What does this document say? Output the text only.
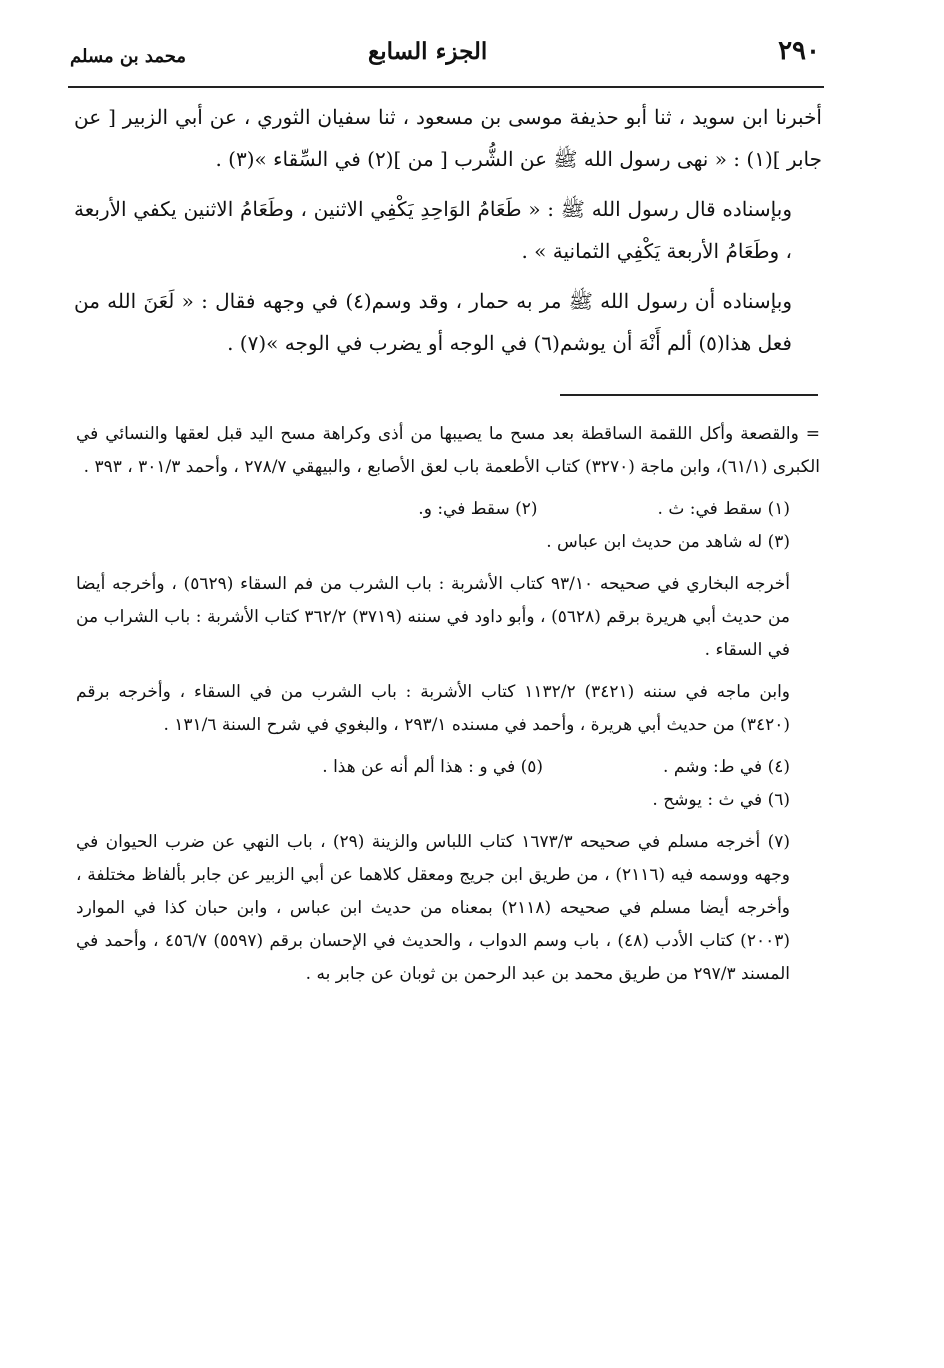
٢٩٠
الجزء السابع
محمد بن مسلم

أخبرنا ابن سويد ، ثنا أبو حذيفة موسى بن مسعود ، ثنا سفيان الثوري ، عن أبي الزبير [ عن جابر ](١) : « نهى رسول الله ﷺ عن الشُّرب [ من ](٢) في السِّقاء »(٣) .

وبإسناده قال رسول الله ﷺ : « طَعَامُ الوَاحِدِ يَكْفِي الاثنين ، وطَعَامُ الاثنين يكفي الأربعة ، وطَعَامُ الأربعة يَكْفِي الثمانية » .

وبإسناده أن رسول الله ﷺ مر به حمار ، وقد وسم(٤) في وجهه فقال : « لَعَنَ الله من فعل هذا(٥) ألم أَنْهَ أن يوشم(٦) في الوجه أو يضرب في الوجه »(٧) .

= والقصعة وأكل اللقمة الساقطة بعد مسح ما يصيبها من أذى وكراهة مسح اليد قبل لعقها والنسائي في الكبرى (٦١/١)، وابن ماجة (٣٢٧٠) كتاب الأطعمة باب لعق الأصابع ، والبيهقي ٢٧٨/٧ ، وأحمد ٣٠١/٣ ، ٣٩٣ .

(١) سقط في: ث .
(٢) سقط في: و.

(٣) له شاهد من حديث ابن عباس .

أخرجه البخاري في صحيحه ٩٣/١٠ كتاب الأشربة : باب الشرب من فم السقاء (٥٦٢٩) ، وأخرجه أيضا من حديث أبي هريرة برقم (٥٦٢٨) ، وأبو داود في سننه (٣٧١٩) ٣٦٢/٢ كتاب الأشربة : باب الشراب من في السقاء .

وابن ماجه في سننه (٣٤٢١) ١١٣٢/٢ كتاب الأشربة : باب الشرب من في السقاء ، وأخرجه برقم (٣٤٢٠) من حديث أبي هريرة ، وأحمد في مسنده ٢٩٣/١ ، والبغوي في شرح السنة ١٣١/٦ .

(٤) في ط: وشم .
(٥) في و : هذا ألم أنه عن هذا .

(٦) في ث : يوشح .

(٧) أخرجه مسلم في صحيحه ١٦٧٣/٣ كتاب اللباس والزينة (٢٩) ، باب النهي عن ضرب الحيوان في وجهه ووسمه فيه (٢١١٦) ، من طريق ابن جريج ومعقل كلاهما عن أبي الزبير عن جابر بألفاظ مختلفة ، وأخرجه أيضا مسلم في صحيحه (٢١١٨) بمعناه من حديث ابن عباس ، وابن حبان كذا في الموارد (٢٠٠٣) كتاب الأدب (٤٨) ، باب وسم الدواب ، والحديث في الإحسان برقم (٥٥٩٧) ٤٥٦/٧ ، وأحمد في المسند ٢٩٧/٣ من طريق محمد بن عبد الرحمن بن ثوبان عن جابر به .
